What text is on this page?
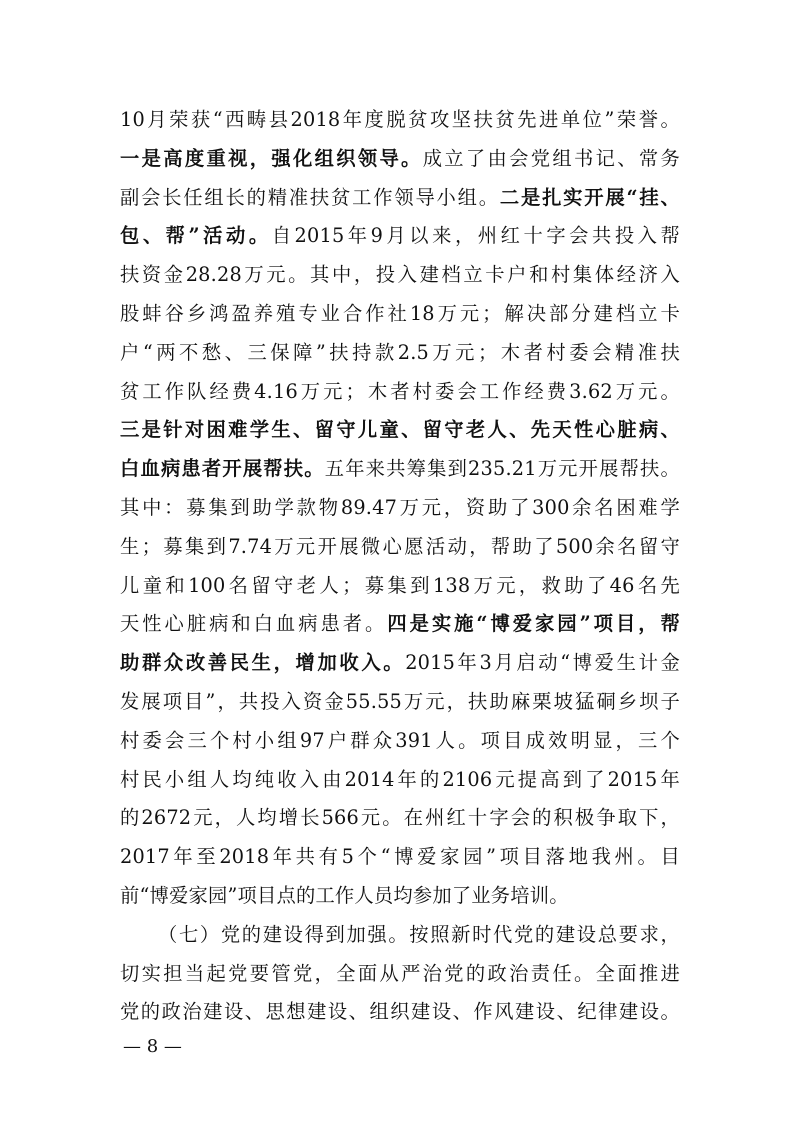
10月荣获“西畴县2018年度脱贫攻坚扶贫先进单位”荣誉。
一是高度重视，强化组织领导。成立了由会党组书记、常务
副会长任组长的精准扶贫工作领导小组。二是扎实开展“挂、
包、帮”活动。自2015年9月以来，州红十字会共投入帮
扶资金28.28万元。其中，投入建档立卡户和村集体经济入
股蚌谷乡鸿盈养殖专业合作社18万元；解决部分建档立卡
户“两不愁、三保障”扶持款2.5万元；木者村委会精准扶
贫工作队经费4.16万元；木者村委会工作经费3.62万元。
三是针对困难学生、留守儿童、留守老人、先天性心脏病、
白血病患者开展帮扶。五年来共筹集到235.21万元开展帮扶。
其中：募集到助学款物89.47万元，资助了300余名困难学
生；募集到7.74万元开展微心愿活动，帮助了500余名留守
儿童和100名留守老人；募集到138万元，救助了46名先
天性心脏病和白血病患者。四是实施“博爱家园”项目，帮
助群众改善民生，增加收入。2015年3月启动“博爱生计金
发展项目”，共投入资金55.55万元，扶助麻栗坡猛硐乡坝子
村委会三个村小组97户群众391人。项目成效明显，三个
村民小组人均纯收入由2014年的2106元提高到了2015年
的2672元，人均增长566元。在州红十字会的积极争取下，
2017年至2018年共有5个“博爱家园”项目落地我州。目
前“博爱家园”项目点的工作人员均参加了业务培训。
（七）党的建设得到加强。按照新时代党的建设总要求，
切实担当起党要管党，全面从严治党的政治责任。全面推进
党的政治建设、思想建设、组织建设、作风建设、纪律建设。
— 8 —
